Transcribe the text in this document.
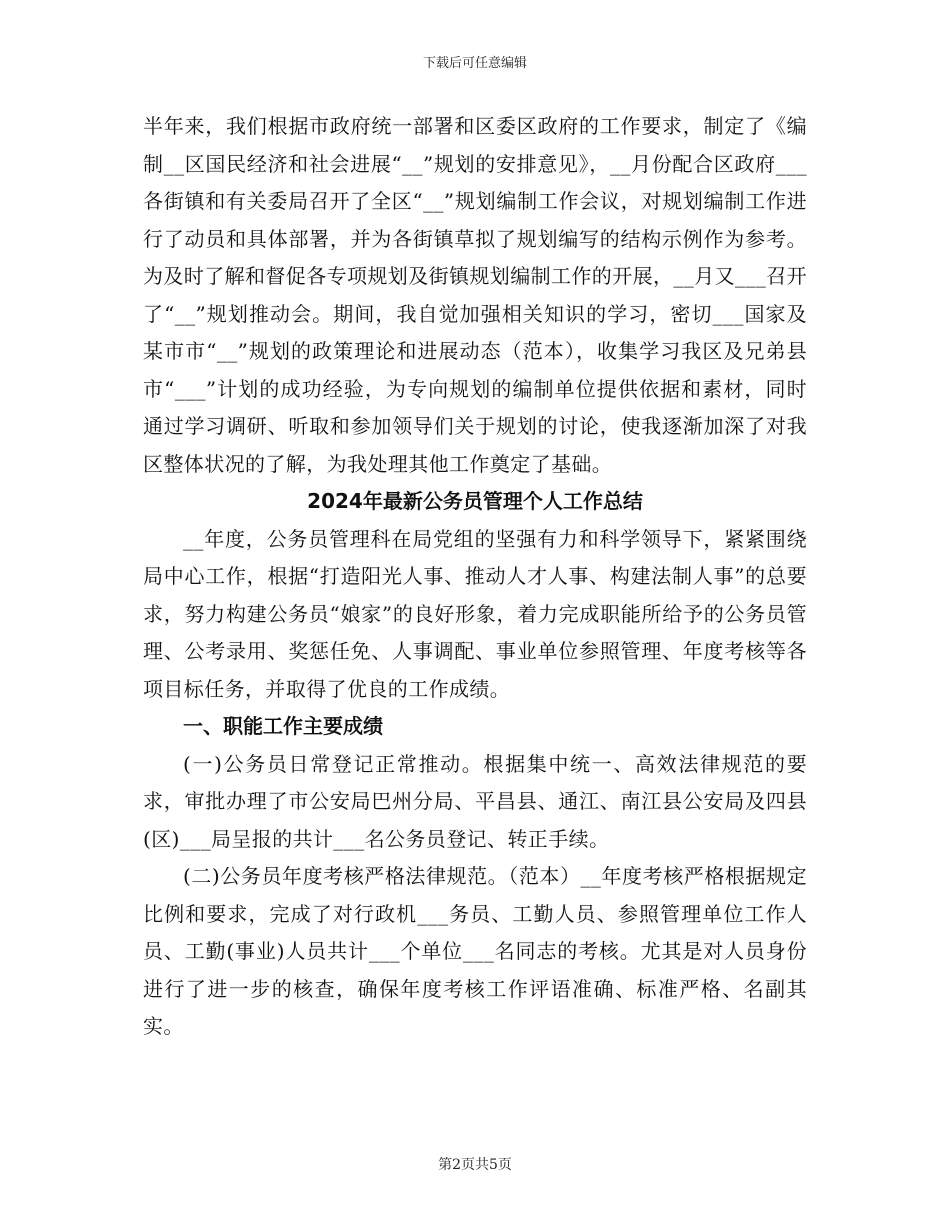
下载后可任意编辑

半年来，我们根据市政府统一部署和区委区政府的工作要求，制定了《编制__区国民经济和社会进展“__”规划的安排意见》，__月份配合区政府___各街镇和有关委局召开了全区“__”规划编制工作会议，对规划编制工作进行了动员和具体部署，并为各街镇草拟了规划编写的结构示例作为参考。为及时了解和督促各专项规划及街镇规划编制工作的开展，__月又___召开了“__”规划推动会。期间，我自觉加强相关知识的学习，密切___国家及某市市“__”规划的政策理论和进展动态（范本），收集学习我区及兄弟县市“___”计划的成功经验，为专向规划的编制单位提供依据和素材，同时通过学习调研、听取和参加领导们关于规划的讨论，使我逐渐加深了对我区整体状况的了解，为我处理其他工作奠定了基础。

2024年最新公务员管理个人工作总结

__年度，公务员管理科在局党组的坚强有力和科学领导下，紧紧围绕局中心工作，根据“打造阳光人事、推动人才人事、构建法制人事”的总要求，努力构建公务员“娘家”的良好形象，着力完成职能所给予的公务员管理、公考录用、奖惩任免、人事调配、事业单位参照管理、年度考核等各项目标任务，并取得了优良的工作成绩。

一、职能工作主要成绩

(一)公务员日常登记正常推动。根据集中统一、高效法律规范的要求，审批办理了市公安局巴州分局、平昌县、通江、南江县公安局及四县(区)___局呈报的共计___名公务员登记、转正手续。

(二)公务员年度考核严格法律规范。（范本）__年度考核严格根据规定比例和要求，完成了对行政机___务员、工勤人员、参照管理单位工作人员、工勤(事业)人员共计___个单位___名同志的考核。尤其是对人员身份进行了进一步的核查，确保年度考核工作评语准确、标准严格、名副其实。

第2页共5页
